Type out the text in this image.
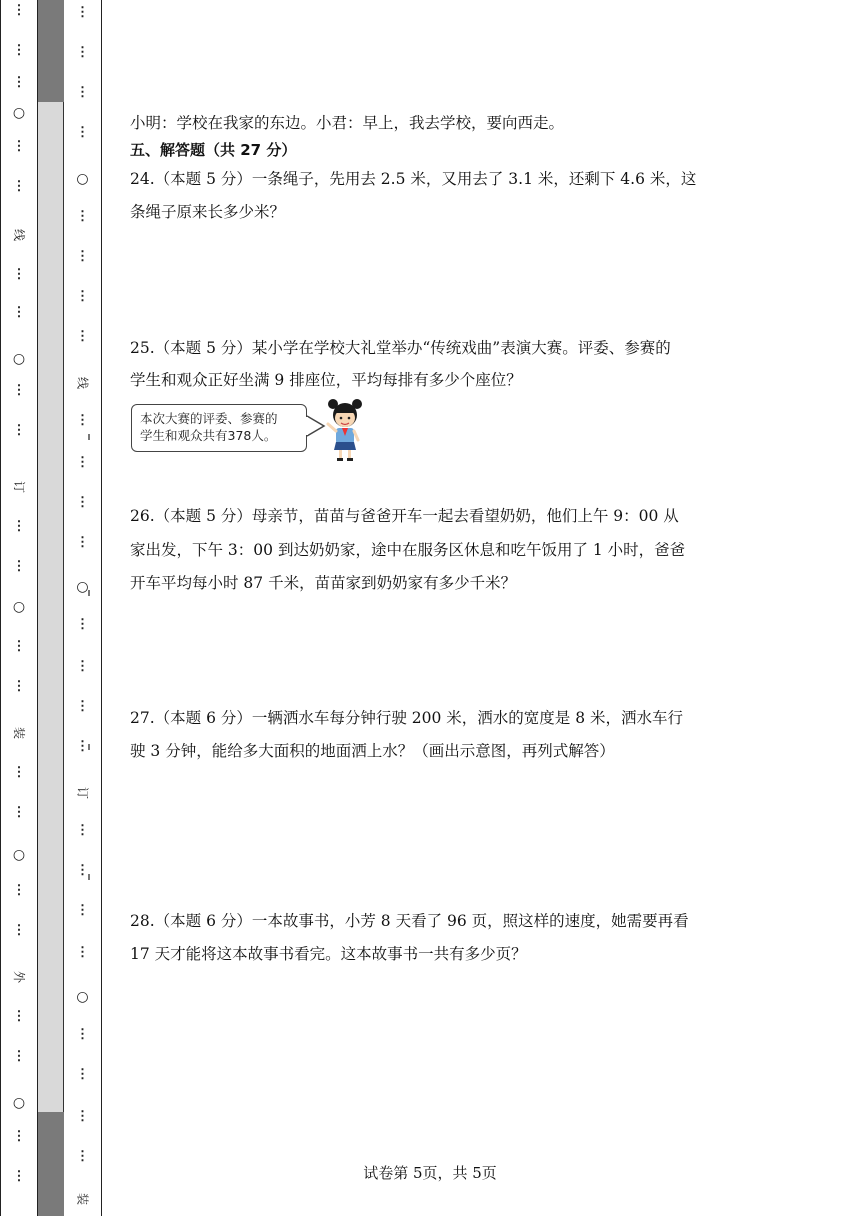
⋮
⋮
⋮
○
⋮
⋮
线
⋮
⋮
○
⋮
⋮
订
⋮
⋮
○
⋮
⋮
装
⋮
⋮
○
⋮
⋮
外
⋮
⋮
○
⋮
⋮
⋮
⋮
⋮
⋮
○
⋮
⋮
⋮
⋮
线
⋮
⋮
⋮
⋮
○
⋮
⋮
⋮
⋮
订
⋮
⋮
⋮
⋮
○
⋮
⋮
⋮
⋮
装
小明：学校在我家的东边。小君：早上，我去学校，要向西走。
五、解答题（共 27 分）
24.（本题 5 分）一条绳子，先用去 2.5 米，又用去了 3.1 米，还剩下 4.6 米，这
条绳子原来长多少米？
25.（本题 5 分）某小学在学校大礼堂举办“传统戏曲”表演大赛。评委、参赛的
学生和观众正好坐满 9 排座位，平均每排有多少个座位？
26.（本题 5 分）母亲节，苗苗与爸爸开车一起去看望奶奶，他们上午 9：00 从
家出发，下午 3：00 到达奶奶家，途中在服务区休息和吃午饭用了 1 小时，爸爸
开车平均每小时 87 千米，苗苗家到奶奶家有多少千米？
27.（本题 6 分）一辆洒水车每分钟行驶 200 米，洒水的宽度是 8 米，洒水车行
驶 3 分钟，能给多大面积的地面洒上水？（画出示意图，再列式解答）
28.（本题 6 分）一本故事书，小芳 8 天看了 96 页，照这样的速度，她需要再看
17 天才能将这本故事书看完。这本故事书一共有多少页？
本次大赛的评委、参赛的
学生和观众共有378人。
试卷第 5页，共 5页
